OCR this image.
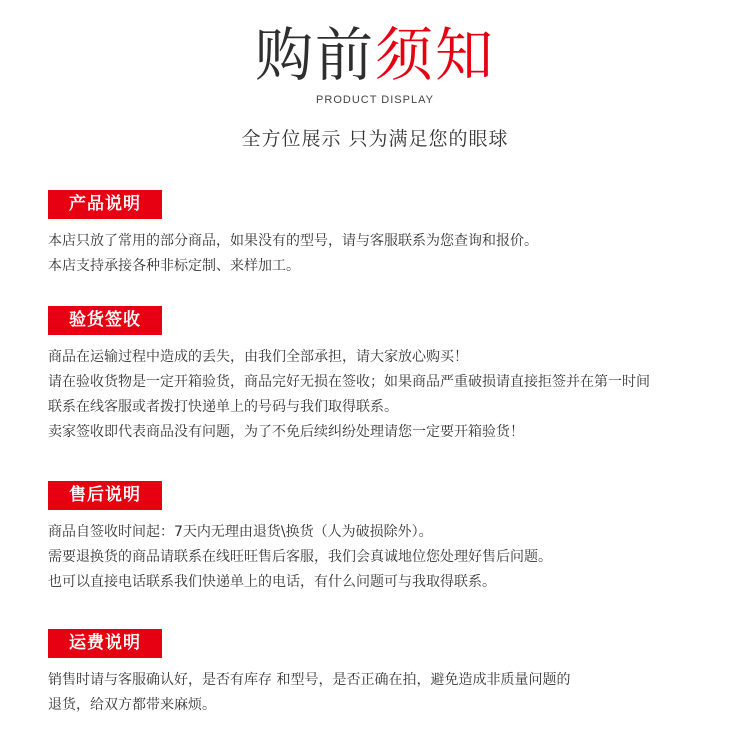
购前须知
PRODUCT DISPLAY
全方位展示 只为满足您的眼球
产品说明
本店只放了常用的部分商品，如果没有的型号，请与客服联系为您查询和报价。
本店支持承接各种非标定制、来样加工。
验货签收
商品在运输过程中造成的丢失，由我们全部承担，请大家放心购买！
请在验收货物是一定开箱验货，商品完好无损在签收；如果商品严重破损请直接拒签并在第一时间
联系在线客服或者拨打快递单上的号码与我们取得联系。
卖家签收即代表商品没有问题，为了不免后续纠纷处理请您一定要开箱验货！
售后说明
商品自签收时间起：7天内无理由退货\换货（人为破损除外）。
需要退换货的商品请联系在线旺旺售后客服，我们会真诚地位您处理好售后问题。
也可以直接电话联系我们快递单上的电话，有什么问题可与我取得联系。
运费说明
销售时请与客服确认好，是否有库存 和型号，是否正确在拍，避免造成非质量问题的
退货，给双方都带来麻烦。
